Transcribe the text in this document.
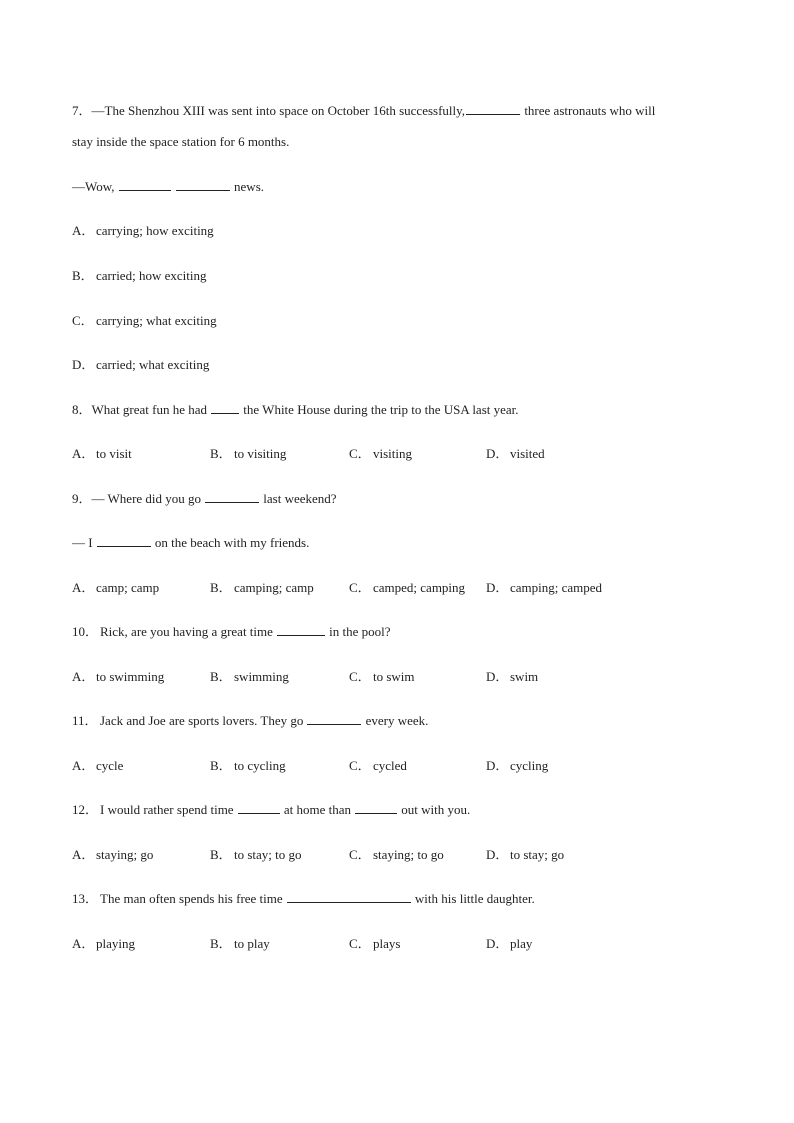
7．—The Shenzhou XIII was sent into space on October 16th successfully,	three astronauts who will
stay inside the space station for 6 months.
—Wow,	news.
A． carrying; how exciting
B． carried; how exciting
C． carrying; what exciting
D． carried; what exciting
8．What great fun he had	the White House during the trip to the USA last year.
A． to visit	B． to visiting	C． visiting	D． visited
9．— Where did you go	last weekend?
— I	on the beach with my friends.
A． camp; camp	B． camping; camp	C． camped; camping D． camping; camped
10． Rick, are you having a great time	in the pool?
A． to swimming	B． swimming	C． to swim	D． swim
11． Jack and Joe are sports lovers. They go	every week.
A． cycle	B． to cycling	C． cycled	D． cycling
12． I would rather spend time	at home than	out with you.
A． staying; go	B． to stay; to go	C． staying; to go	D． to stay; go
13． The man often spends his free time	with his little daughter.
A． playing	B． to play	C． plays	D． play
